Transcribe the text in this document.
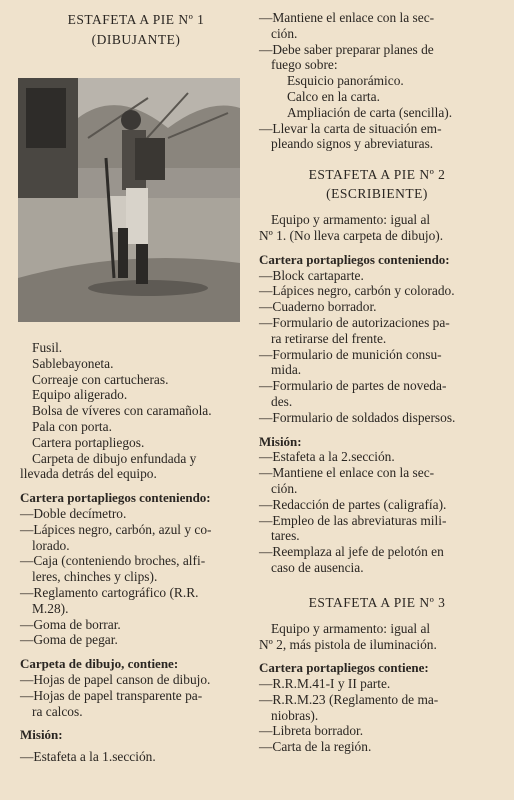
ESTAFETA A PIE Nº 1

(DIBUJANTE)

Fusil.

Sablebayoneta.

Correaje con cartucheras.

Equipo aligerado.

Bolsa de víveres con caramañola.

Pala con porta.

Cartera portapliegos.

Carpeta de dibujo enfundada y

llevada detrás del equipo.

Cartera portapliegos conteniendo:

—Doble decímetro.

—Lápices negro, carbón, azul y co-

lorado.

—Caja (conteniendo broches, alfi-

leres, chinches y clips).

—Reglamento cartográfico (R.R.

M.28).

—Goma de borrar.

—Goma de pegar.

Carpeta de dibujo, contiene:

—Hojas de papel canson de dibujo.

—Hojas de papel transparente pa-

ra calcos.

Misión:

—Estafeta a la 1.sección.

—Mantiene el enlace con la sec-

ción.

—Debe saber preparar planes de

fuego sobre:

Esquicio panorámico.

Calco en la carta.

Ampliación de carta (sencilla).

—Llevar la carta de situación em-

pleando signos y abreviaturas.

ESTAFETA A PIE Nº 2

(ESCRIBIENTE)

Equipo y armamento: igual al

Nº 1. (No lleva carpeta de dibujo).

Cartera portapliegos conteniendo:

—Block cartaparte.

—Lápices negro, carbón y colorado.

—Cuaderno borrador.

—Formulario de autorizaciones pa-

ra retirarse del frente.

—Formulario de munición consu-

mida.

—Formulario de partes de noveda-

des.

—Formulario de soldados dispersos.

Misión:

—Estafeta a la 2.sección.

—Mantiene el enlace con la sec-

ción.

—Redacción de partes (caligrafía).

—Empleo de las abreviaturas mili-

tares.

—Reemplaza al jefe de pelotón en

caso de ausencia.

ESTAFETA A PIE Nº 3

Equipo y armamento: igual al

Nº 2, más pistola de iluminación.

Cartera portapliegos contiene:

—R.R.M.41-I y II parte.

—R.R.M.23 (Reglamento de ma-

niobras).

—Libreta borrador.

—Carta de la región.
